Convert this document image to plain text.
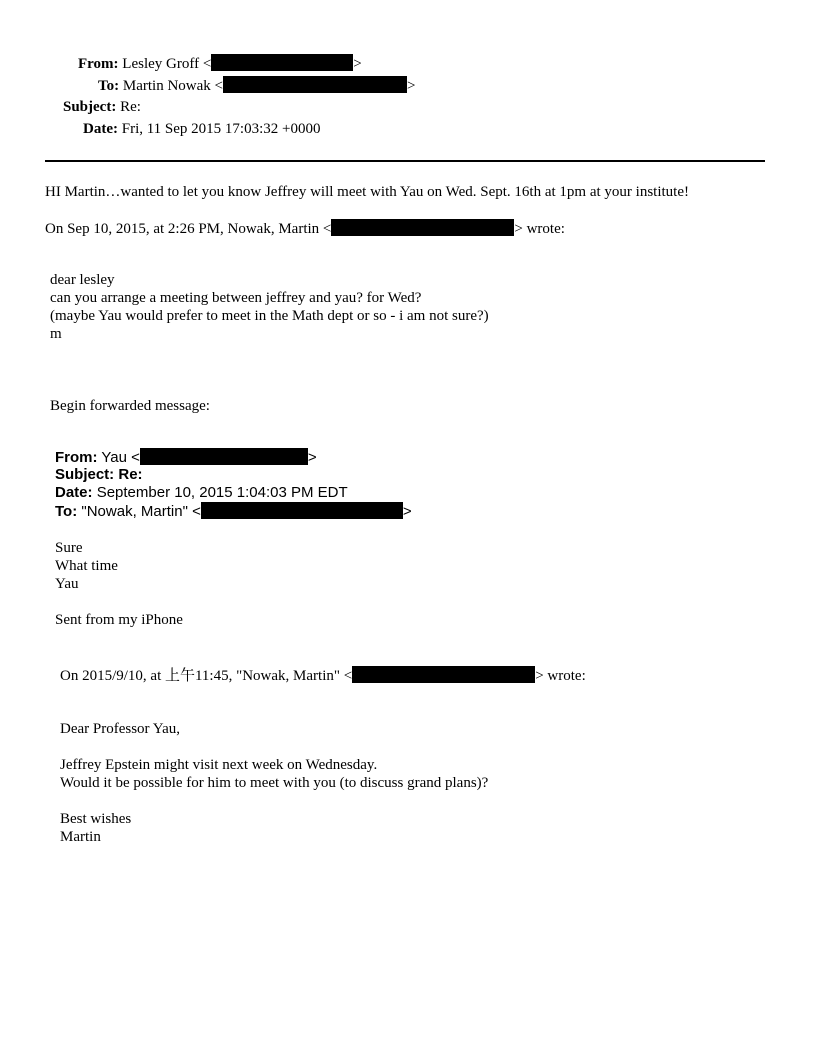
From: Lesley Groff <	>
To: Martin Nowak <	>
Subject: Re:
Date: Fri, 11 Sep 2015 17:03:32 +0000
HI Martin…wanted to let you know Jeffrey will meet with Yau on Wed. Sept. 16th at 1pm at your institute!
On Sep 10, 2015, at 2:26 PM, Nowak, Martin <	> wrote:
dear lesley
can you arrange a meeting between jeffrey and yau? for Wed?
(maybe Yau would prefer to meet in the Math dept or so - i am not sure?)
m
Begin forwarded message:
From: Yau <	>
Subject: Re:
Date: September 10, 2015 1:04:03 PM EDT
To: "Nowak, Martin" <	>
Sure
What time
Yau
Sent from my iPhone
On 2015/9/10, at 上午11:45, "Nowak, Martin" <	> wrote:
Dear Professor Yau,
Jeffrey Epstein might visit next week on Wednesday.
Would it be possible for him to meet with you (to discuss grand plans)?
Best wishes
Martin
